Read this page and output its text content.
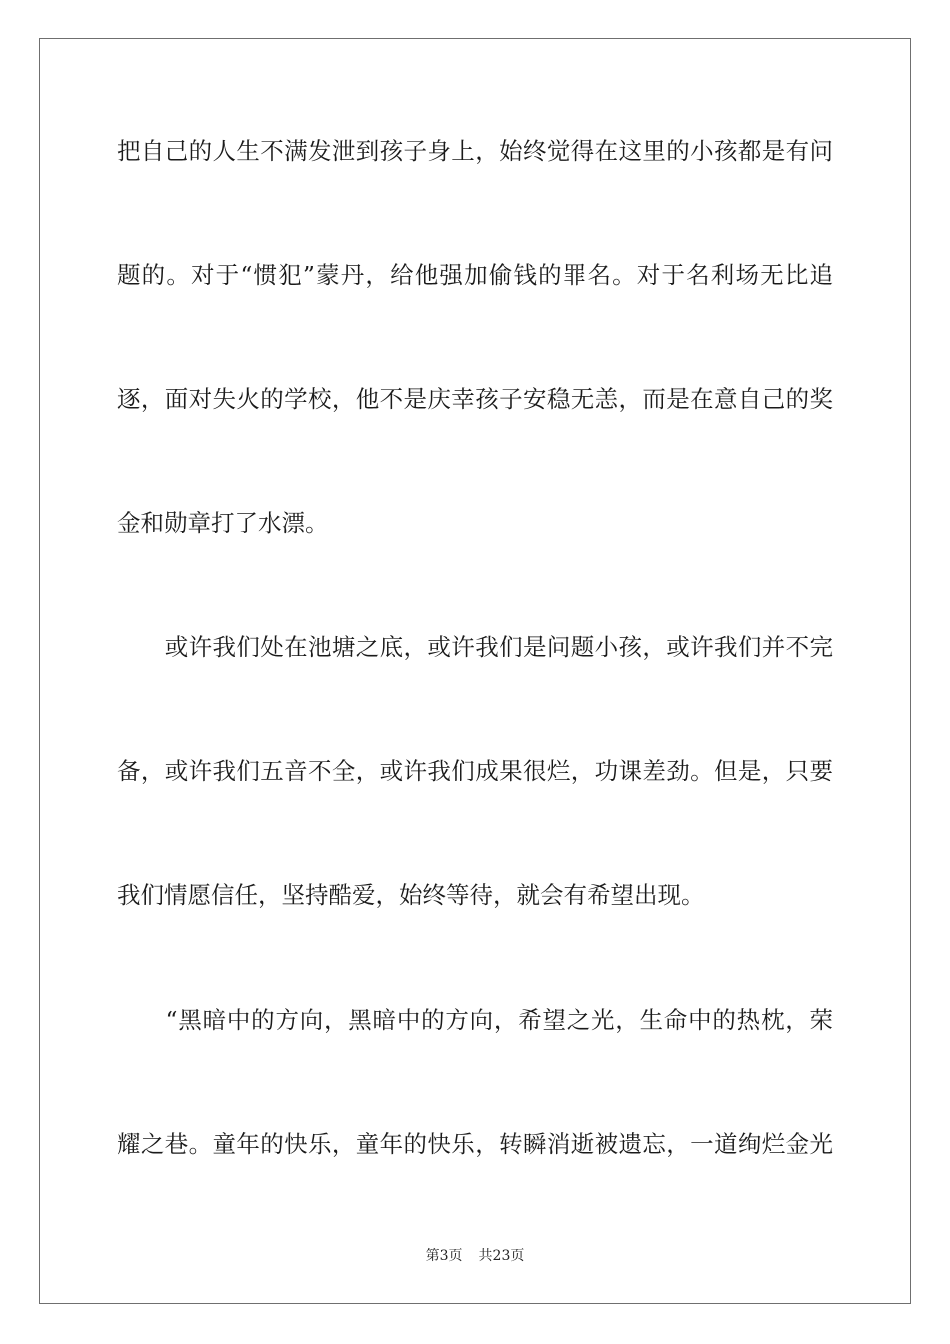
把自己的人生不满发泄到孩子身上，始终觉得在这里的小孩都是有问
题的。对于“惯犯”蒙丹，给他强加偷钱的罪名。对于名利场无比追
逐，面对失火的学校，他不是庆幸孩子安稳无恙，而是在意自己的奖
金和勋章打了水漂。
　　或许我们处在池塘之底，或许我们是问题小孩，或许我们并不完
备，或许我们五音不全，或许我们成果很烂，功课差劲。但是，只要
我们情愿信任，坚持酷爱，始终等待，就会有希望出现。
　　“黑暗中的方向，黑暗中的方向，希望之光，生命中的热枕，荣
耀之巷。童年的快乐，童年的快乐，转瞬消逝被遗忘，一道绚烂金光
第3页 共23页
